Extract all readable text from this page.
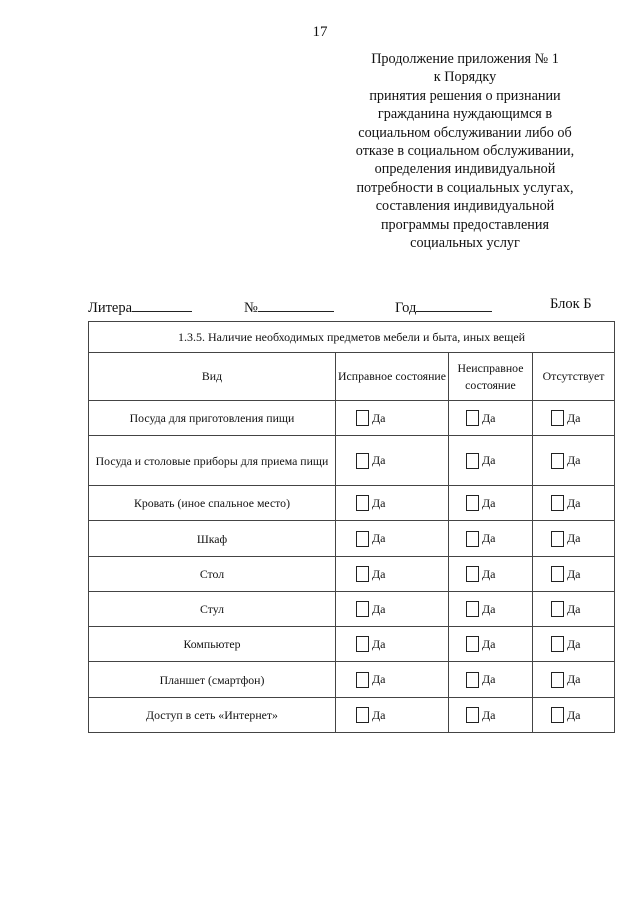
17
Продолжение приложения № 1
к Порядку
принятия решения о признании
гражданина нуждающимся в
социальном обслуживании либо об
отказе в социальном обслуживании,
определения индивидуальной
потребности в социальных услугах,
составления индивидуальной
программы предоставления
социальных услуг
Литера	№	Год	Блок Б
1.3.5. Наличие необходимых предметов мебели и быта, иных вещей			
Вид	Исправное состояние	Неисправное состояние	Отсутствует
Посуда для приготовления пищи	Да	Да	Да

Посуда и столовые приборы для приема пищи	Да	Да	Да

Кровать (иное спальное место)	Да	Да	Да

Шкаф	Да	Да	Да

Стол	Да	Да	Да

Стул	Да	Да	Да

Компьютер	Да	Да	Да

Планшет (смартфон)	Да	Да	Да

Доступ в сеть «Интернет»	Да	Да	Да
